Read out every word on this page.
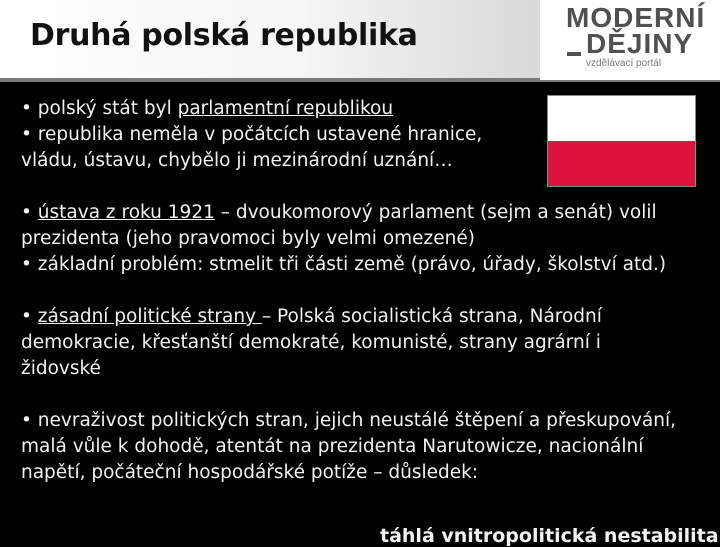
Druhá polská republika
MODERNÍ
DĚJINY
vzdělávací portál

• polský stát byl parlamentní republikou

• republika neměla v počátcích ustavené hranice, vládu, ústavu, chybělo ji mezinárodní uznání…

• ústava z roku 1921 – dvoukomorový parlament (sejm a senát) volil prezidenta (jeho pravomoci byly velmi omezené)

• základní problém: stmelit tři části země (právo, úřady, školství atd.)

• zásadní politické strany – Polská socialistická strana, Národní demokracie, křesťanští demokraté, komunisté, strany agrární i židovské

• nevraživost politických stran, jejich neustálé štěpení a přeskupování, malá vůle k dohodě, atentát na prezidenta Narutowicze, nacionální napětí, počáteční hospodářské potíže – důsledek:

táhlá vnitropolitická nestabilita
